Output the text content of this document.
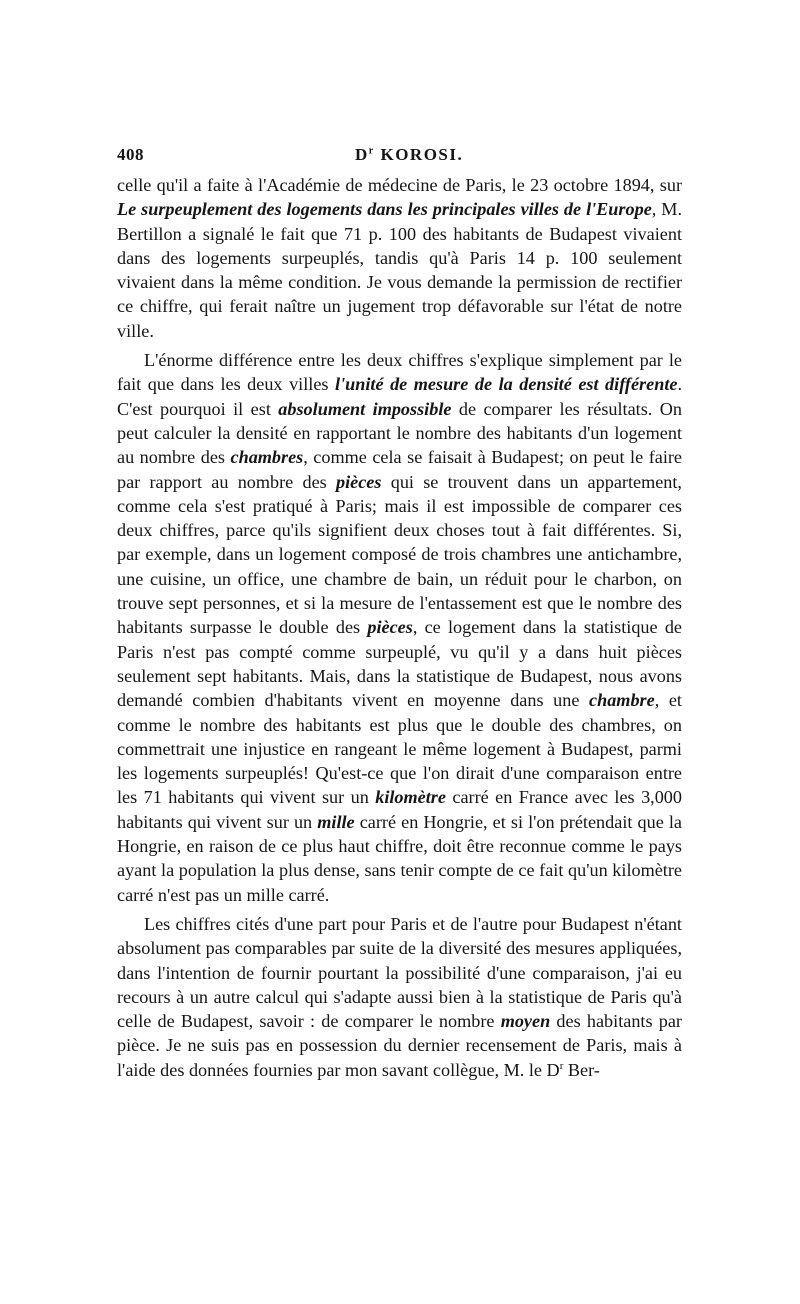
408	$D^r$ KOROSI.

celle qu'il a faite à l'Académie de médecine de Paris, le 23 octobre 1894, sur Le surpeuplement des logements dans les principales villes de l'Europe, M. Bertillon a signalé le fait que 71 p. 100 des habitants de Budapest vivaient dans des logements surpeuplés, tandis qu'à Paris 14 p. 100 seulement vivaient dans la même condition. Je vous demande la permission de rectifier ce chiffre, qui ferait naître un jugement trop défavorable sur l'état de notre ville.

L'énorme différence entre les deux chiffres s'explique simplement par le fait que dans les deux villes l'unité de mesure de la densité est différente. C'est pourquoi il est absolument impossible de comparer les résultats. On peut calculer la densité en rapportant le nombre des habitants d'un logement au nombre des chambres, comme cela se faisait à Budapest; on peut le faire par rapport au nombre des pièces qui se trouvent dans un appartement, comme cela s'est pratiqué à Paris; mais il est impossible de comparer ces deux chiffres, parce qu'ils signifient deux choses tout à fait différentes. Si, par exemple, dans un logement composé de trois chambres une antichambre, une cuisine, un office, une chambre de bain, un réduit pour le charbon, on trouve sept personnes, et si la mesure de l'entassement est que le nombre des habitants surpasse le double des pièces, ce logement dans la statistique de Paris n'est pas compté comme surpeuplé, vu qu'il y a dans huit pièces seulement sept habitants. Mais, dans la statistique de Budapest, nous avons demandé combien d'habitants vivent en moyenne dans une chambre, et comme le nombre des habitants est plus que le double des chambres, on commettrait une injustice en rangeant le même logement à Budapest, parmi les logements surpeuplés! Qu'est-ce que l'on dirait d'une comparaison entre les 71 habitants qui vivent sur un kilomètre carré en France avec les 3,000 habitants qui vivent sur un mille carré en Hongrie, et si l'on prétendait que la Hongrie, en raison de ce plus haut chiffre, doit être reconnue comme le pays ayant la population la plus dense, sans tenir compte de ce fait qu'un kilomètre carré n'est pas un mille carré.

Les chiffres cités d'une part pour Paris et de l'autre pour Budapest n'étant absolument pas comparables par suite de la diversité des mesures appliquées, dans l'intention de fournir pourtant la possibilité d'une comparaison, j'ai eu recours à un autre calcul qui s'adapte aussi bien à la statistique de Paris qu'à celle de Budapest, savoir : de comparer le nombre moyen des habitants par pièce. Je ne suis pas en possession du dernier recensement de Paris, mais à l'aide des données fournies par mon savant collègue, M. le $D^r$ Ber-
